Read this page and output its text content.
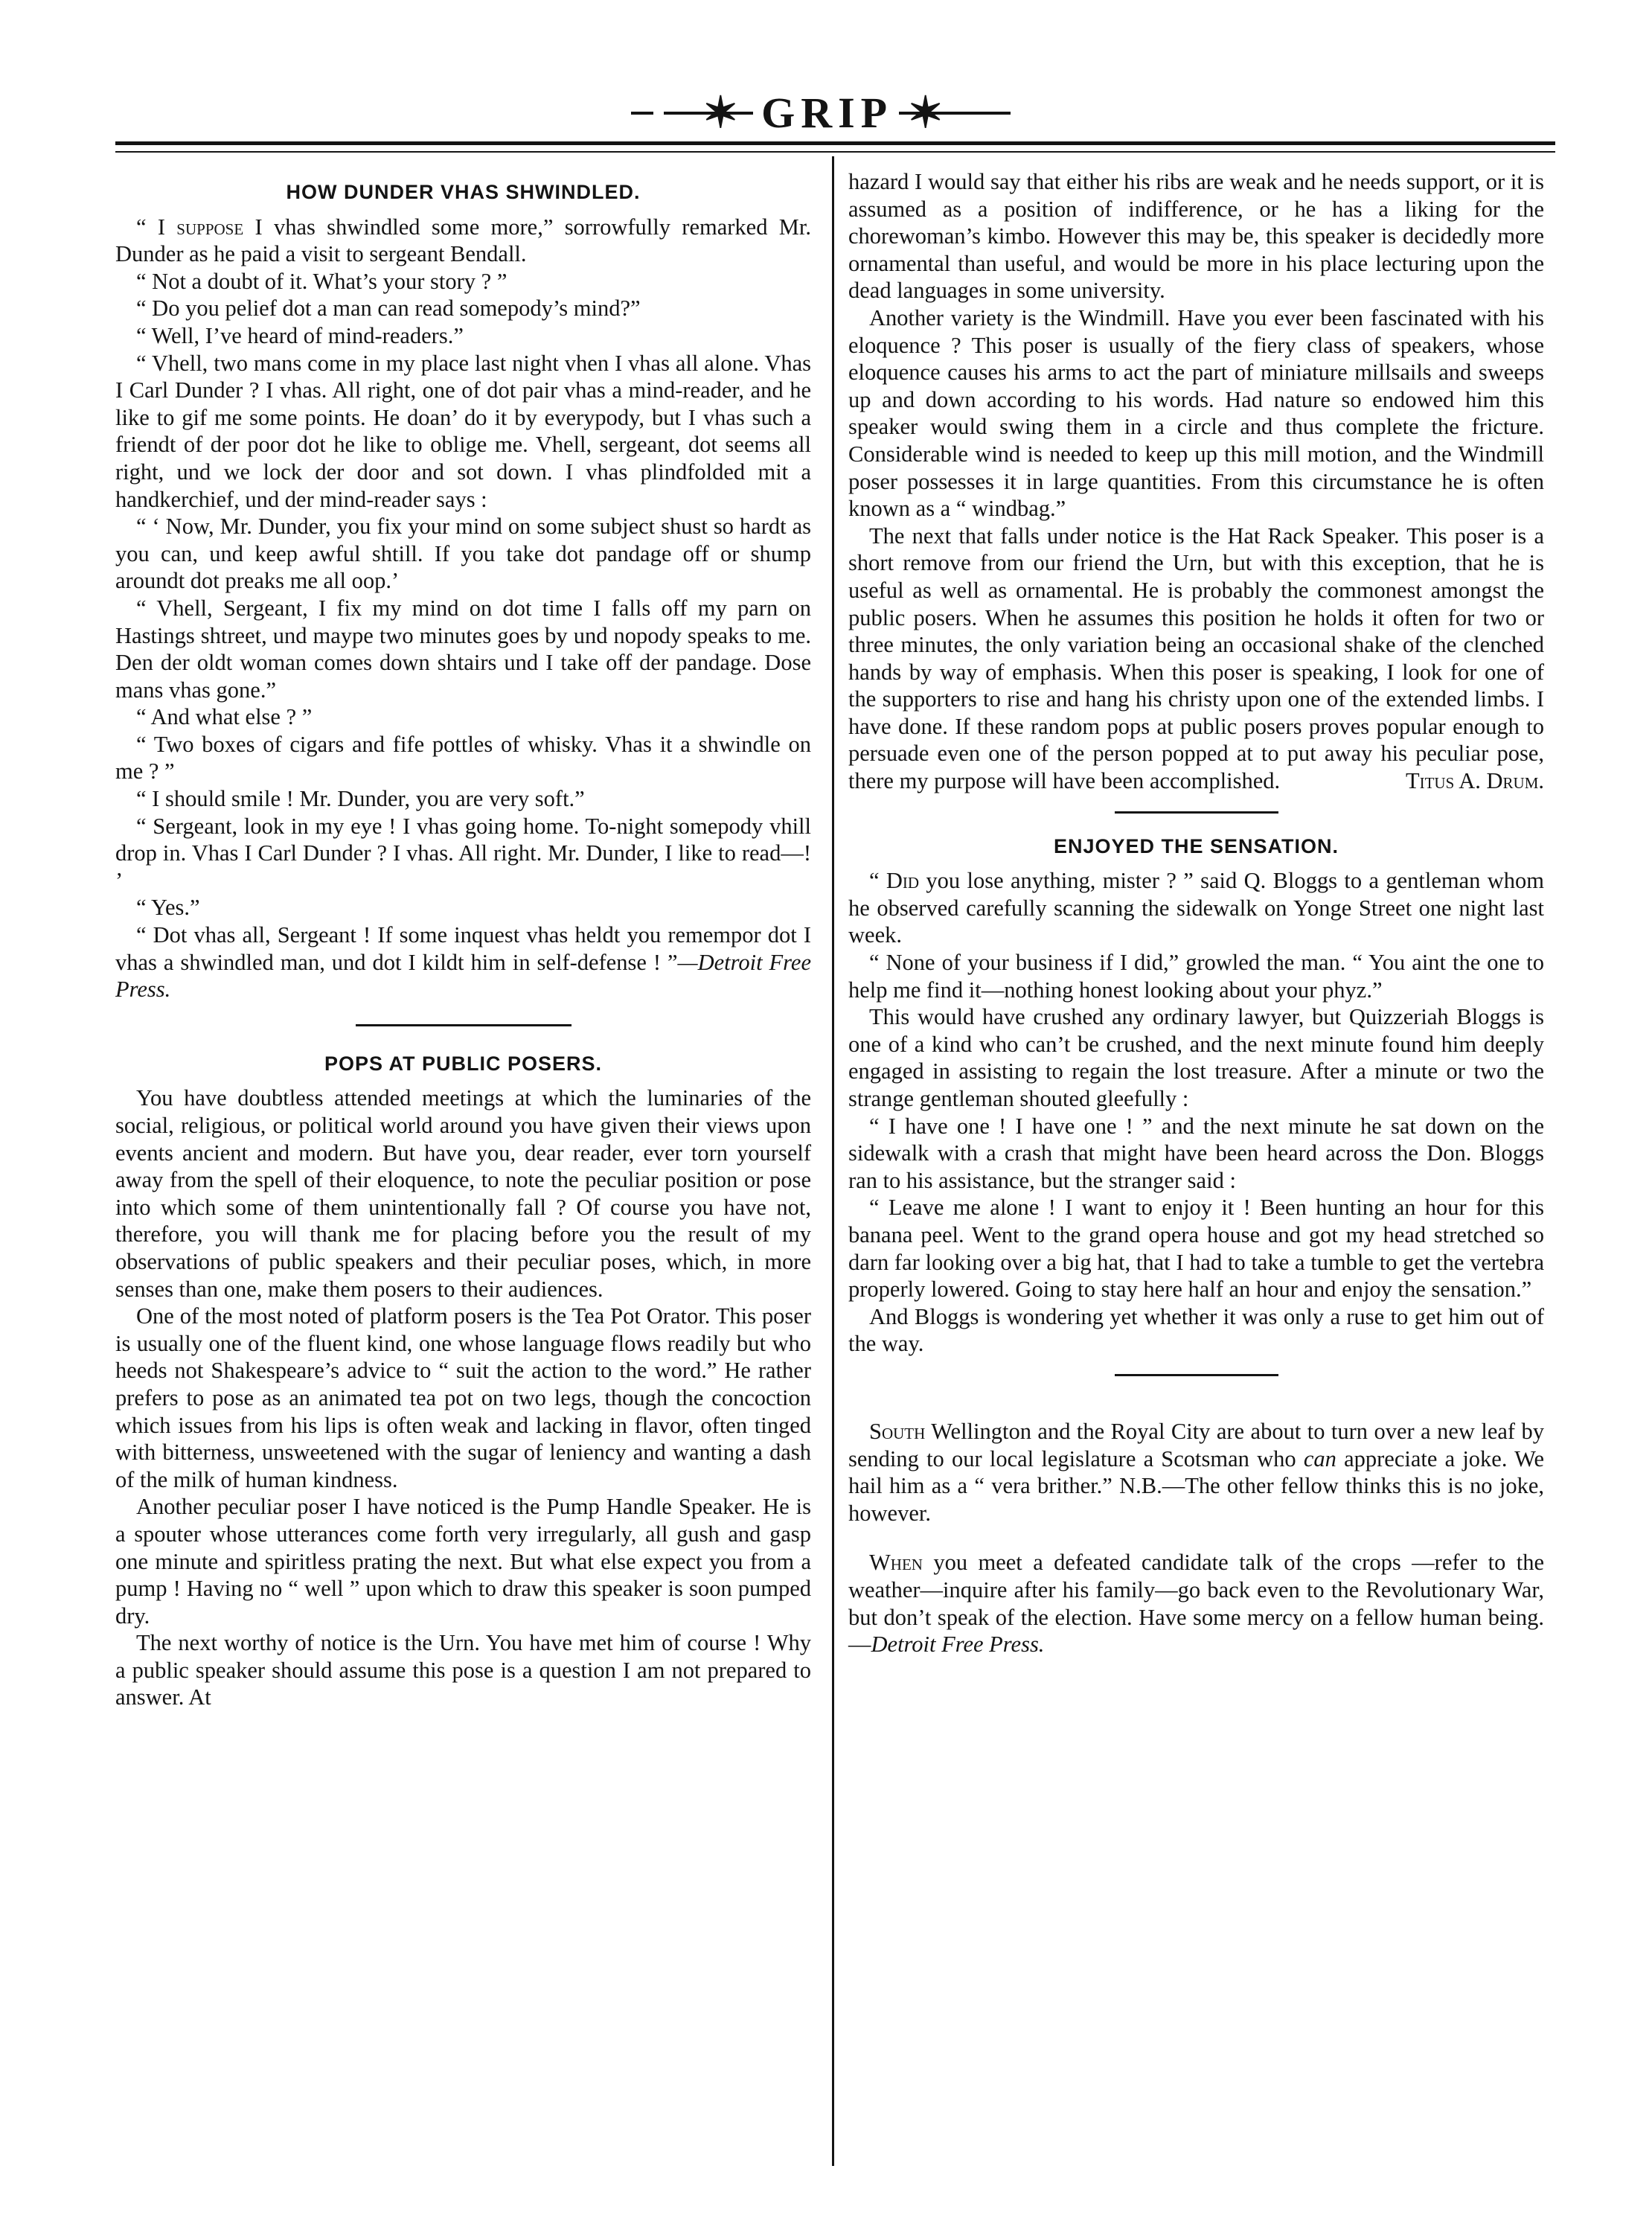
✶ GRIP ✶
HOW DUNDER VHAS SHWINDLED.

“ I suppose I vhas shwindled some more,” sorrowfully remarked Mr. Dunder as he paid a visit to sergeant Bendall.

“ Not a doubt of it. What’s your story ? ”

“ Do you pelief dot a man can read somepody’s mind?”

“ Well, I’ve heard of mind-readers.”

“ Vhell, two mans come in my place last night vhen I vhas all alone. Vhas I Carl Dunder ? I vhas. All right, one of dot pair vhas a mind-reader, and he like to gif me some points. He doan’ do it by everypody, but I vhas such a friendt of der poor dot he like to oblige me. Vhell, sergeant, dot seems all right, und we lock der door and sot down. I vhas plindfolded mit a handkerchief, und der mind-reader says :

“ ‘ Now, Mr. Dunder, you fix your mind on some subject shust so hardt as you can, und keep awful shtill. If you take dot pandage off or shump aroundt dot preaks me all oop.’

“ Vhell, Sergeant, I fix my mind on dot time I falls off my parn on Hastings shtreet, und maype two minutes goes by und nopody speaks to me. Den der oldt woman comes down shtairs und I take off der pandage. Dose mans vhas gone.”

“ And what else ? ”

“ Two boxes of cigars and fife pottles of whisky. Vhas it a shwindle on me ? ”

“ I should smile ! Mr. Dunder, you are very soft.”

“ Sergeant, look in my eye ! I vhas going home. To-night somepody vhill drop in. Vhas I Carl Dunder ? I vhas. All right. Mr. Dunder, I like to read—! ’

“ Yes.”

“ Dot vhas all, Sergeant ! If some inquest vhas heldt you remempor dot I vhas a shwindled man, und dot I kildt him in self-defense ! ”—Detroit Free Press.

POPS AT PUBLIC POSERS.

You have doubtless attended meetings at which the luminaries of the social, religious, or political world around you have given their views upon events ancient and modern. But have you, dear reader, ever torn yourself away from the spell of their eloquence, to note the peculiar position or pose into which some of them unintentionally fall ? Of course you have not, therefore, you will thank me for placing before you the result of my observations of public speakers and their peculiar poses, which, in more senses than one, make them posers to their audiences.

One of the most noted of platform posers is the Tea Pot Orator. This poser is usually one of the fluent kind, one whose language flows readily but who heeds not Shakespeare’s advice to “ suit the action to the word.” He rather prefers to pose as an animated tea pot on two legs, though the concoction which issues from his lips is often weak and lacking in flavor, often tinged with bitterness, unsweetened with the sugar of leniency and wanting a dash of the milk of human kindness.

Another peculiar poser I have noticed is the Pump Handle Speaker. He is a spouter whose utterances come forth very irregularly, all gush and gasp one minute and spiritless prating the next. But what else expect you from a pump ! Having no “ well ” upon which to draw this speaker is soon pumped dry.

The next worthy of notice is the Urn. You have met him of course ! Why a public speaker should assume this pose is a question I am not prepared to answer. At

hazard I would say that either his ribs are weak and he needs support, or it is assumed as a position of indifference, or he has a liking for the chorewoman’s kimbo. However this may be, this speaker is decidedly more ornamental than useful, and would be more in his place lecturing upon the dead languages in some university.

Another variety is the Windmill. Have you ever been fascinated with his eloquence ? This poser is usually of the fiery class of speakers, whose eloquence causes his arms to act the part of miniature millsails and sweeps up and down according to his words. Had nature so endowed him this speaker would swing them in a circle and thus complete the fricture. Considerable wind is needed to keep up this mill motion, and the Windmill poser possesses it in large quantities. From this circumstance he is often known as a “ windbag.”

The next that falls under notice is the Hat Rack Speaker. This poser is a short remove from our friend the Urn, but with this exception, that he is useful as well as ornamental. He is probably the commonest amongst the public posers. When he assumes this position he holds it often for two or three minutes, the only variation being an occasional shake of the clenched hands by way of emphasis. When this poser is speaking, I look for one of the supporters to rise and hang his christy upon one of the extended limbs. I have done. If these random pops at public posers proves popular enough to persuade even one of the person popped at to put away his peculiar pose, there my purpose will have been accomplished.	Titus A. Drum.

ENJOYED THE SENSATION.

“ Did you lose anything, mister ? ” said Q. Bloggs to a gentleman whom he observed carefully scanning the sidewalk on Yonge Street one night last week.

“ None of your business if I did,” growled the man. “ You aint the one to help me find it—nothing honest looking about your phyz.”

This would have crushed any ordinary lawyer, but Quizzeriah Bloggs is one of a kind who can’t be crushed, and the next minute found him deeply engaged in assisting to regain the lost treasure. After a minute or two the strange gentleman shouted gleefully :

“ I have one ! I have one ! ” and the next minute he sat down on the sidewalk with a crash that might have been heard across the Don. Bloggs ran to his assistance, but the stranger said :

“ Leave me alone ! I want to enjoy it ! Been hunting an hour for this banana peel. Went to the grand opera house and got my head stretched so darn far looking over a big hat, that I had to take a tumble to get the vertebra properly lowered. Going to stay here half an hour and enjoy the sensation.”

And Bloggs is wondering yet whether it was only a ruse to get him out of the way.

South Wellington and the Royal City are about to turn over a new leaf by sending to our local legislature a Scotsman who can appreciate a joke. We hail him as a “ vera brither.” N.B.—The other fellow thinks this is no joke, however.

When you meet a defeated candidate talk of the crops —refer to the weather—inquire after his family—go back even to the Revolutionary War, but don’t speak of the election. Have some mercy on a fellow human being.—Detroit Free Press.
